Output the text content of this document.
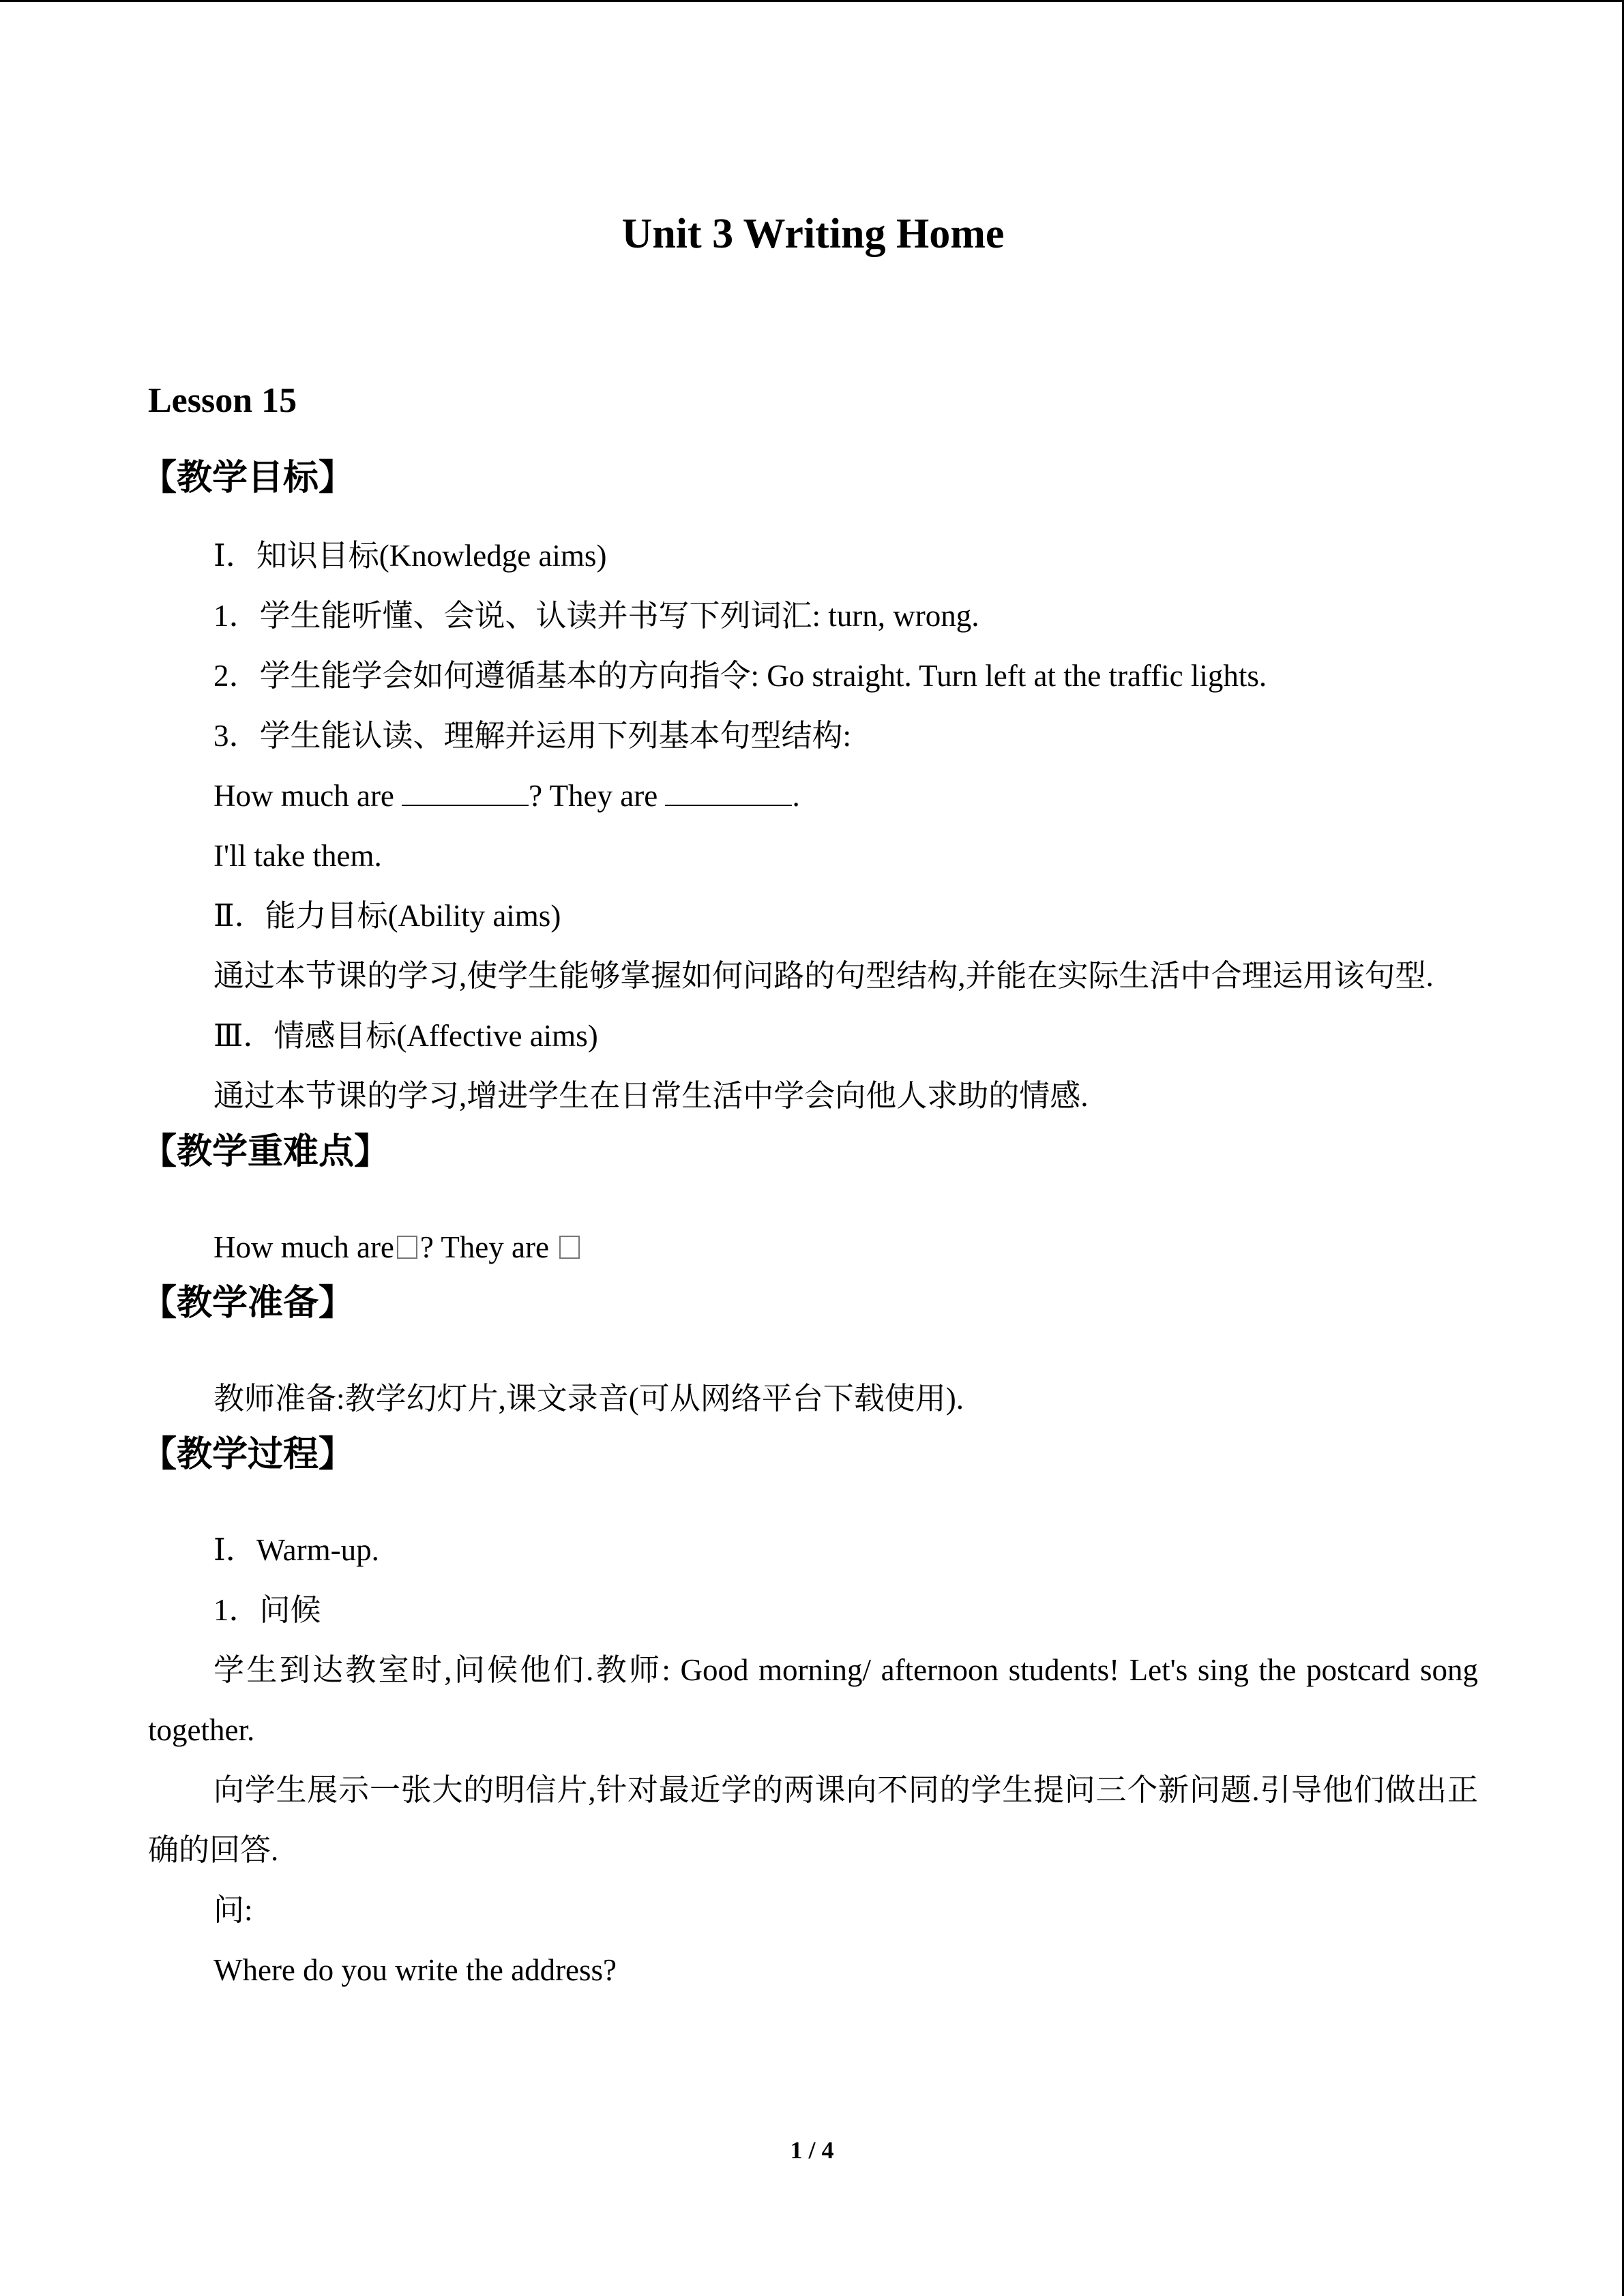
Unit 3 Writing Home
Lesson 15
【教学目标】

Ⅰ．知识目标(Knowledge aims)

1．学生能听懂、会说、认读并书写下列词汇: turn, wrong.

2．学生能学会如何遵循基本的方向指令: Go straight. Turn left at the traffic lights.

3．学生能认读、理解并运用下列基本句型结构:

How much are	? They are	.

I'll take them.

Ⅱ．能力目标(Ability aims)

通过本节课的学习,使学生能够掌握如何问路的句型结构,并能在实际生活中合理运用该句型.

Ⅲ．情感目标(Affective aims)

通过本节课的学习,增进学生在日常生活中学会向他人求助的情感.

【教学重难点】

How much are ? They are

【教学准备】

教师准备:教学幻灯片,课文录音(可从网络平台下载使用).

【教学过程】

Ⅰ．Warm-up.

1．问候

学生到达教室时,问候他们.教师: Good morning/ afternoon students! Let's sing the postcard song together.

向学生展示一张大的明信片,针对最近学的两课向不同的学生提问三个新问题.引导他们做出正确的回答.

问:

Where do you write the address?

1 / 4
